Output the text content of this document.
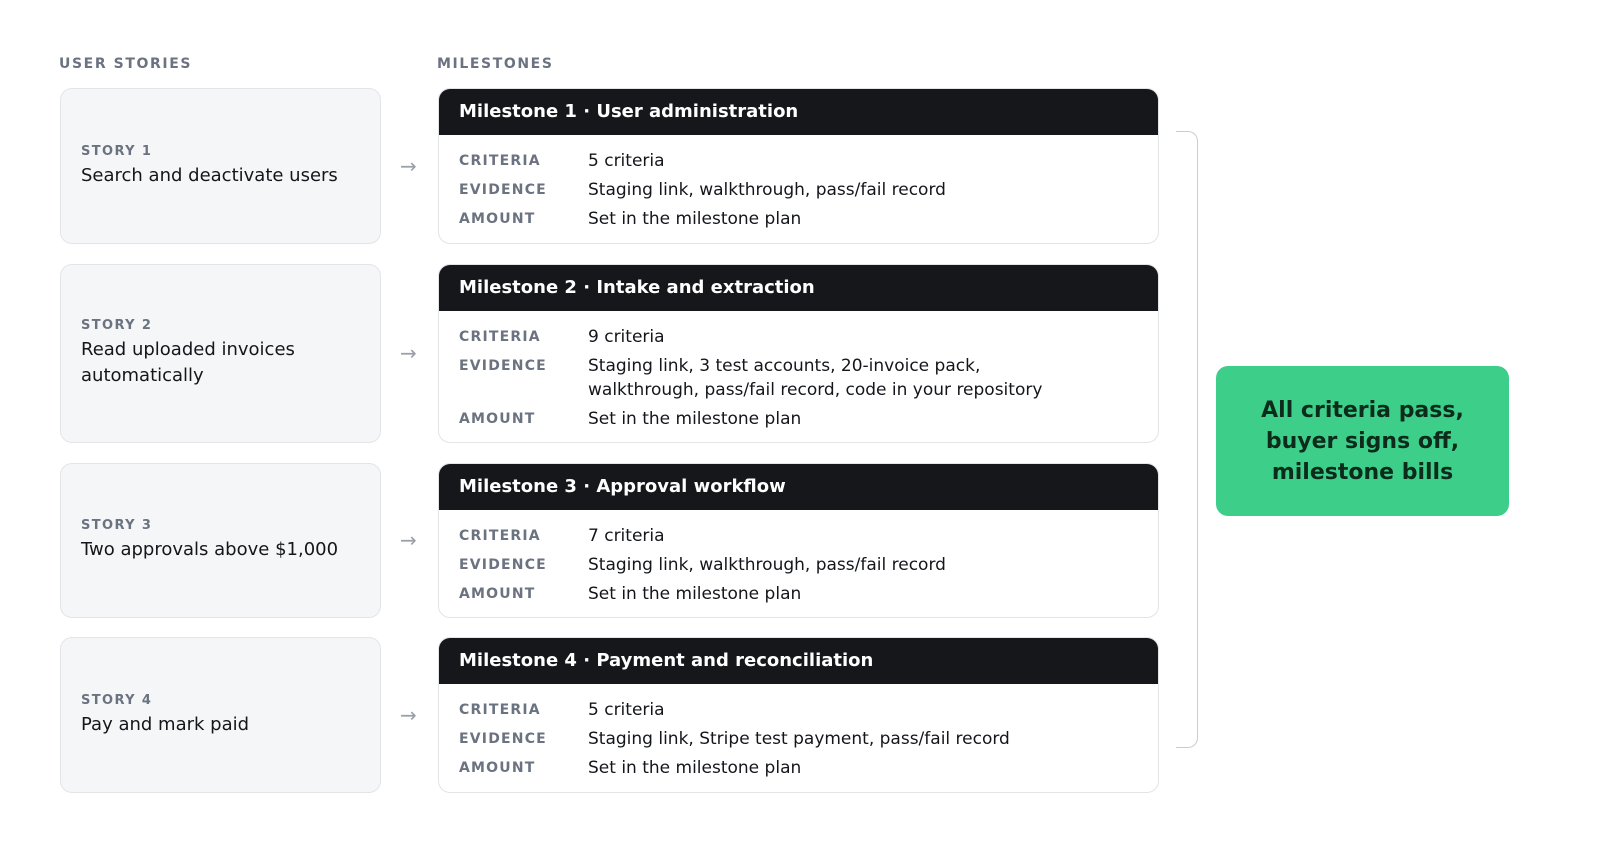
USER STORIES	MILESTONES
STORY 1
Search and deactivate users
STORY 2
Read uploaded invoices automatically
STORY 3
Two approvals above $1,000
STORY 4
Pay and mark paid
→
→
→
→
Milestone 1 · User administration
CRITERIA	5 criteria
EVIDENCE	Staging link, walkthrough, pass/fail record
AMOUNT	Set in the milestone plan
Milestone 2 · Intake and extraction
CRITERIA	9 criteria
EVIDENCE	Staging link, 3 test accounts, 20-invoice pack, walkthrough, pass/fail record, code in your repository
AMOUNT	Set in the milestone plan
Milestone 3 · Approval workflow
CRITERIA	7 criteria
EVIDENCE	Staging link, walkthrough, pass/fail record
AMOUNT	Set in the milestone plan
Milestone 4 · Payment and reconciliation
CRITERIA	5 criteria
EVIDENCE	Staging link, Stripe test payment, pass/fail record
AMOUNT	Set in the milestone plan
All criteria pass, buyer signs off, milestone bills
